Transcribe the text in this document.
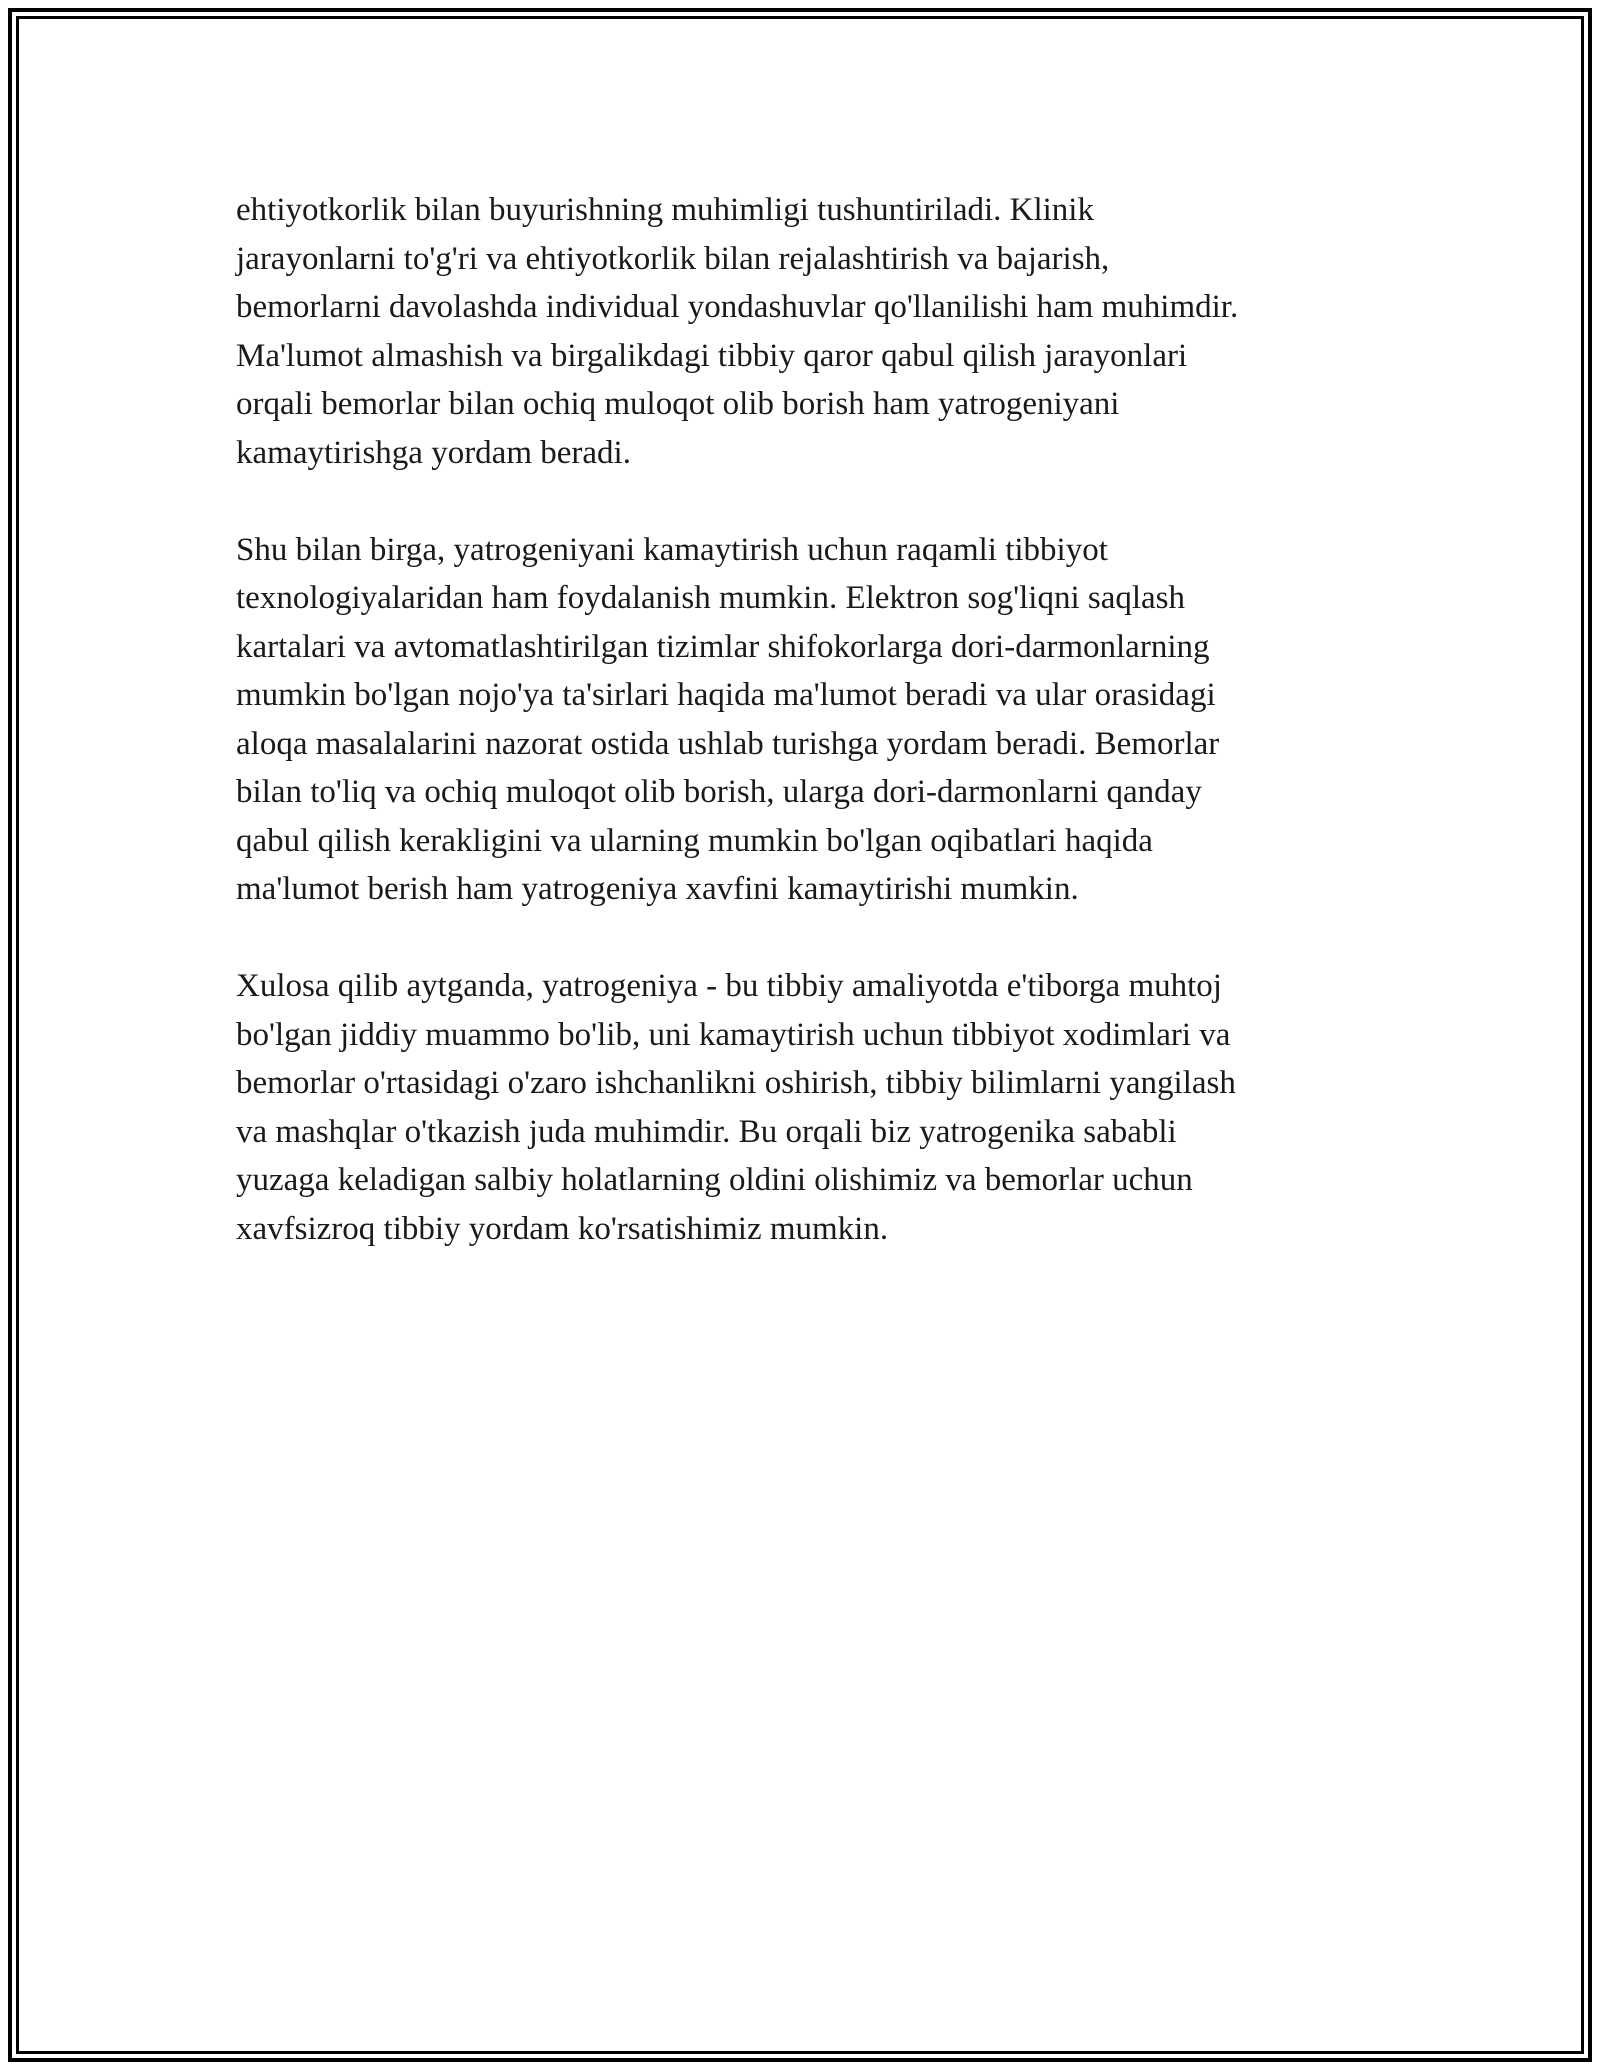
ehtiyotkorlik bilan buyurishning muhimligi tushuntiriladi. Klinik
jarayonlarni to'g'ri va ehtiyotkorlik bilan rejalashtirish va bajarish,
bemorlarni davolashda individual yondashuvlar qo'llanilishi ham muhimdir.
Ma'lumot almashish va birgalikdagi tibbiy qaror qabul qilish jarayonlari
orqali bemorlar bilan ochiq muloqot olib borish ham yatrogeniyani
kamaytirishga yordam beradi.

Shu bilan birga, yatrogeniyani kamaytirish uchun raqamli tibbiyot
texnologiyalaridan ham foydalanish mumkin. Elektron sog'liqni saqlash
kartalari va avtomatlashtirilgan tizimlar shifokorlarga dori-darmonlarning
mumkin bo'lgan nojo'ya ta'sirlari haqida ma'lumot beradi va ular orasidagi
aloqa masalalarini nazorat ostida ushlab turishga yordam beradi. Bemorlar
bilan to'liq va ochiq muloqot olib borish, ularga dori-darmonlarni qanday
qabul qilish kerakligini va ularning mumkin bo'lgan oqibatlari haqida
ma'lumot berish ham yatrogeniya xavfini kamaytirishi mumkin.

Xulosa qilib aytganda, yatrogeniya - bu tibbiy amaliyotda e'tiborga muhtoj
bo'lgan jiddiy muammo bo'lib, uni kamaytirish uchun tibbiyot xodimlari va
bemorlar o'rtasidagi o'zaro ishchanlikni oshirish, tibbiy bilimlarni yangilash
va mashqlar o'tkazish juda muhimdir. Bu orqali biz yatrogenika sababli
yuzaga keladigan salbiy holatlarning oldini olishimiz va bemorlar uchun
xavfsizroq tibbiy yordam ko'rsatishimiz mumkin.
